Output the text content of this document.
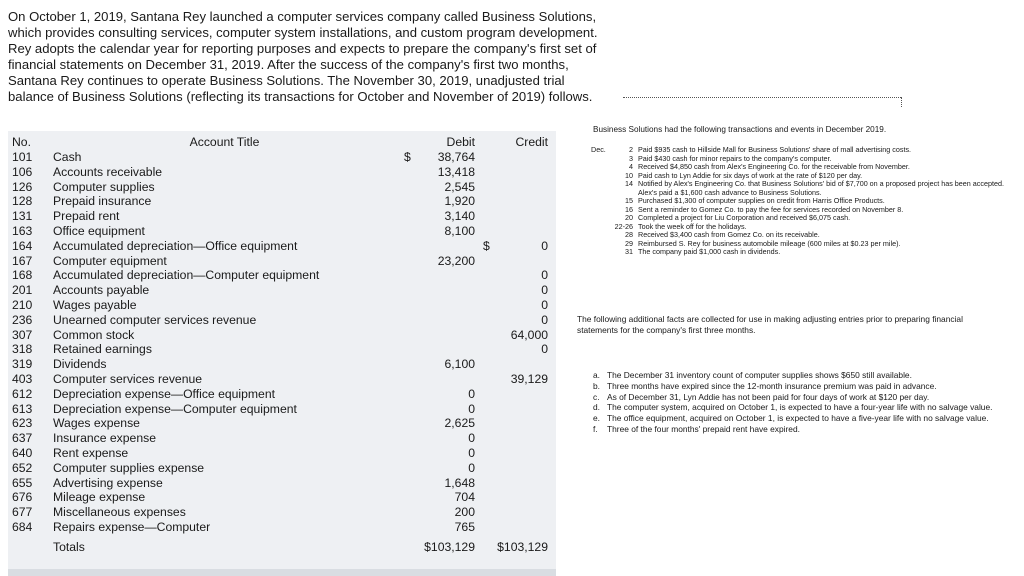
On October 1, 2019, Santana Rey launched a computer services company called Business Solutions, which provides consulting services, computer system installations, and custom program development. Rey adopts the calendar year for reporting purposes and expects to prepare the company's first set of financial statements on December 31, 2019. After the success of the company's first two months, Santana Rey continues to operate Business Solutions. The November 30, 2019, unadjusted trial balance of Business Solutions (reflecting its transactions for October and November of 2019) follows.

No.	Account Title	Debit	Credit
101	Cash	$ 38,764	
106	Accounts receivable	13,418	
126	Computer supplies	2,545	
128	Prepaid insurance	1,920	
131	Prepaid rent	3,140	
163	Office equipment	8,100	
164	Accumulated depreciation—Office equipment		$ 0
167	Computer equipment	23,200	
168	Accumulated depreciation—Computer equipment		0
201	Accounts payable		0
210	Wages payable		0
236	Unearned computer services revenue		0
307	Common stock		64,000
318	Retained earnings		0
319	Dividends	6,100	
403	Computer services revenue		39,129
612	Depreciation expense—Office equipment	0	
613	Depreciation expense—Computer equipment	0	
623	Wages expense	2,625	
637	Insurance expense	0	
640	Rent expense	0	
652	Computer supplies expense	0	
655	Advertising expense	1,648	
676	Mileage expense	704	
677	Miscellaneous expenses	200	
684	Repairs expense—Computer	765	
	Totals	$103,129	$103,129

Business Solutions had the following transactions and events in December 2019.

Dec.	2	Paid $935 cash to Hillside Mall for Business Solutions' share of mall advertising costs.
	3	Paid $430 cash for minor repairs to the company's computer.
	4	Received $4,850 cash from Alex's Engineering Co. for the receivable from November.
	10	Paid cash to Lyn Addie for six days of work at the rate of $120 per day.
	14	Notified by Alex's Engineering Co. that Business Solutions' bid of $7,700 on a proposed project has been accepted. Alex's paid a $1,600 cash advance to Business Solutions.
	15	Purchased $1,300 of computer supplies on credit from Harris Office Products.
	16	Sent a reminder to Gomez Co. to pay the fee for services recorded on November 8.
	20	Completed a project for Liu Corporation and received $6,075 cash.
	22-26	Took the week off for the holidays.
	28	Received $3,400 cash from Gomez Co. on its receivable.
	29	Reimbursed S. Rey for business automobile mileage (600 miles at $0.23 per mile).
	31	The company paid $1,000 cash in dividends.

The following additional facts are collected for use in making adjusting entries prior to preparing financial statements for the company's first three months.

a. The December 31 inventory count of computer supplies shows $650 still available.
b. Three months have expired since the 12-month insurance premium was paid in advance.
c. As of December 31, Lyn Addie has not been paid for four days of work at $120 per day.
d. The computer system, acquired on October 1, is expected to have a four-year life with no salvage value.
e. The office equipment, acquired on October 1, is expected to have a five-year life with no salvage value.
f.	Three of the four months' prepaid rent have expired.
